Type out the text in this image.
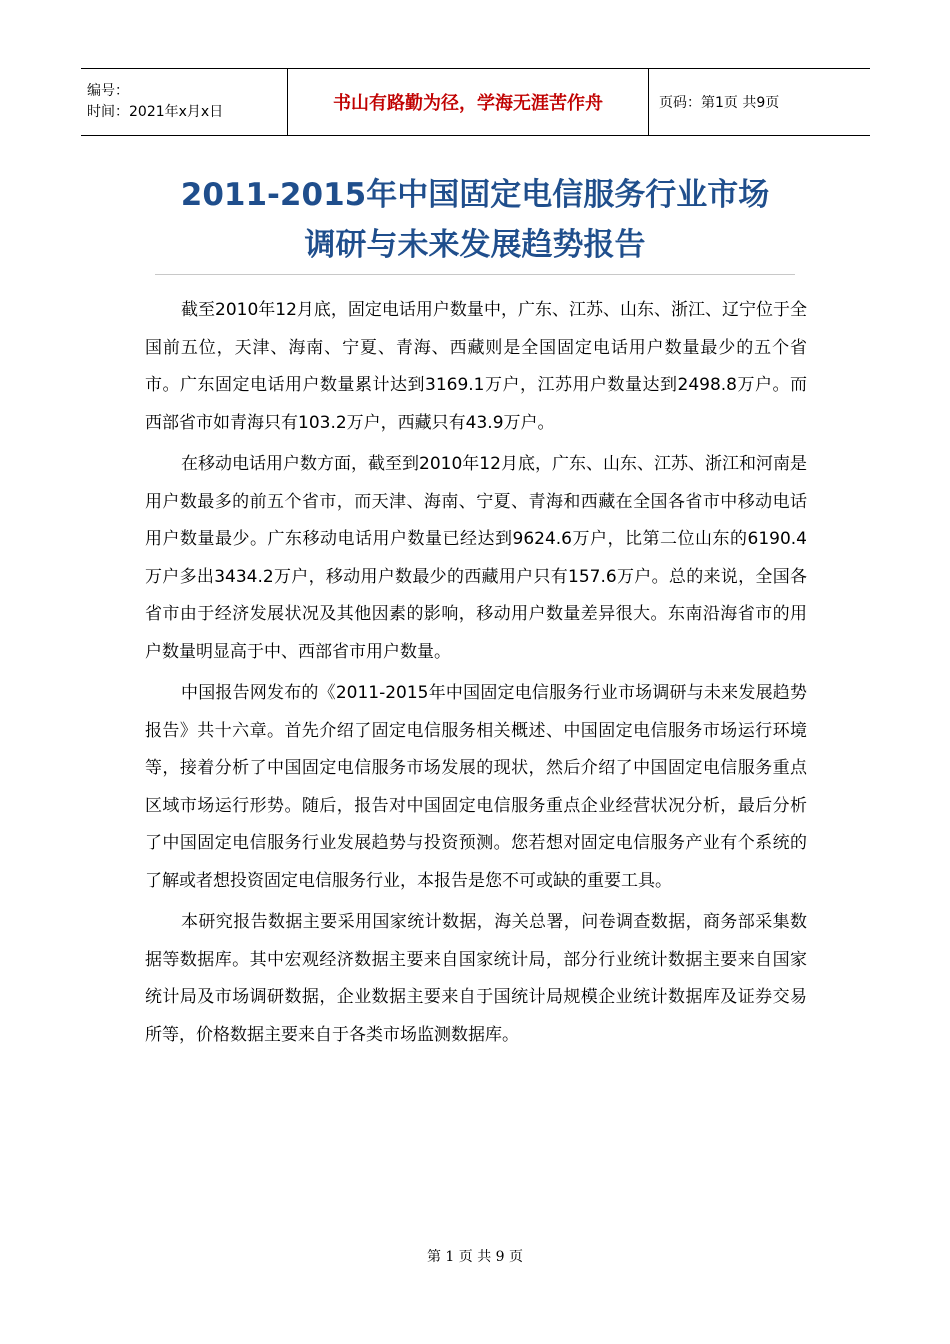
编号：
时间：2021年x月x日	书山有路勤为径，学海无涯苦作舟	页码：第1页 共9页
2011-2015年中国固定电信服务行业市场
调研与未来发展趋势报告

截至2010年12月底，固定电话用户数量中，广东、江苏、山东、浙江、辽宁位于全国前五位，天津、海南、宁夏、青海、西藏则是全国固定电话用户数量最少的五个省市。广东固定电话用户数量累计达到3169.1万户，江苏用户数量达到2498.8万户。而西部省市如青海只有103.2万户，西藏只有43.9万户。

在移动电话用户数方面，截至到2010年12月底，广东、山东、江苏、浙江和河南是用户数最多的前五个省市，而天津、海南、宁夏、青海和西藏在全国各省市中移动电话用户数量最少。广东移动电话用户数量已经达到9624.6万户，比第二位山东的6190.4万户多出3434.2万户，移动用户数最少的西藏用户只有157.6万户。总的来说，全国各省市由于经济发展状况及其他因素的影响，移动用户数量差异很大。东南沿海省市的用户数量明显高于中、西部省市用户数量。

中国报告网发布的《2011-2015年中国固定电信服务行业市场调研与未来发展趋势报告》共十六章。首先介绍了固定电信服务相关概述、中国固定电信服务市场运行环境等，接着分析了中国固定电信服务市场发展的现状，然后介绍了中国固定电信服务重点区域市场运行形势。随后，报告对中国固定电信服务重点企业经营状况分析，最后分析了中国固定电信服务行业发展趋势与投资预测。您若想对固定电信服务产业有个系统的了解或者想投资固定电信服务行业，本报告是您不可或缺的重要工具。

本研究报告数据主要采用国家统计数据，海关总署，问卷调查数据，商务部采集数据等数据库。其中宏观经济数据主要来自国家统计局，部分行业统计数据主要来自国家统计局及市场调研数据，企业数据主要来自于国统计局规模企业统计数据库及证券交易所等，价格数据主要来自于各类市场监测数据库。

第 1 页 共 9 页
